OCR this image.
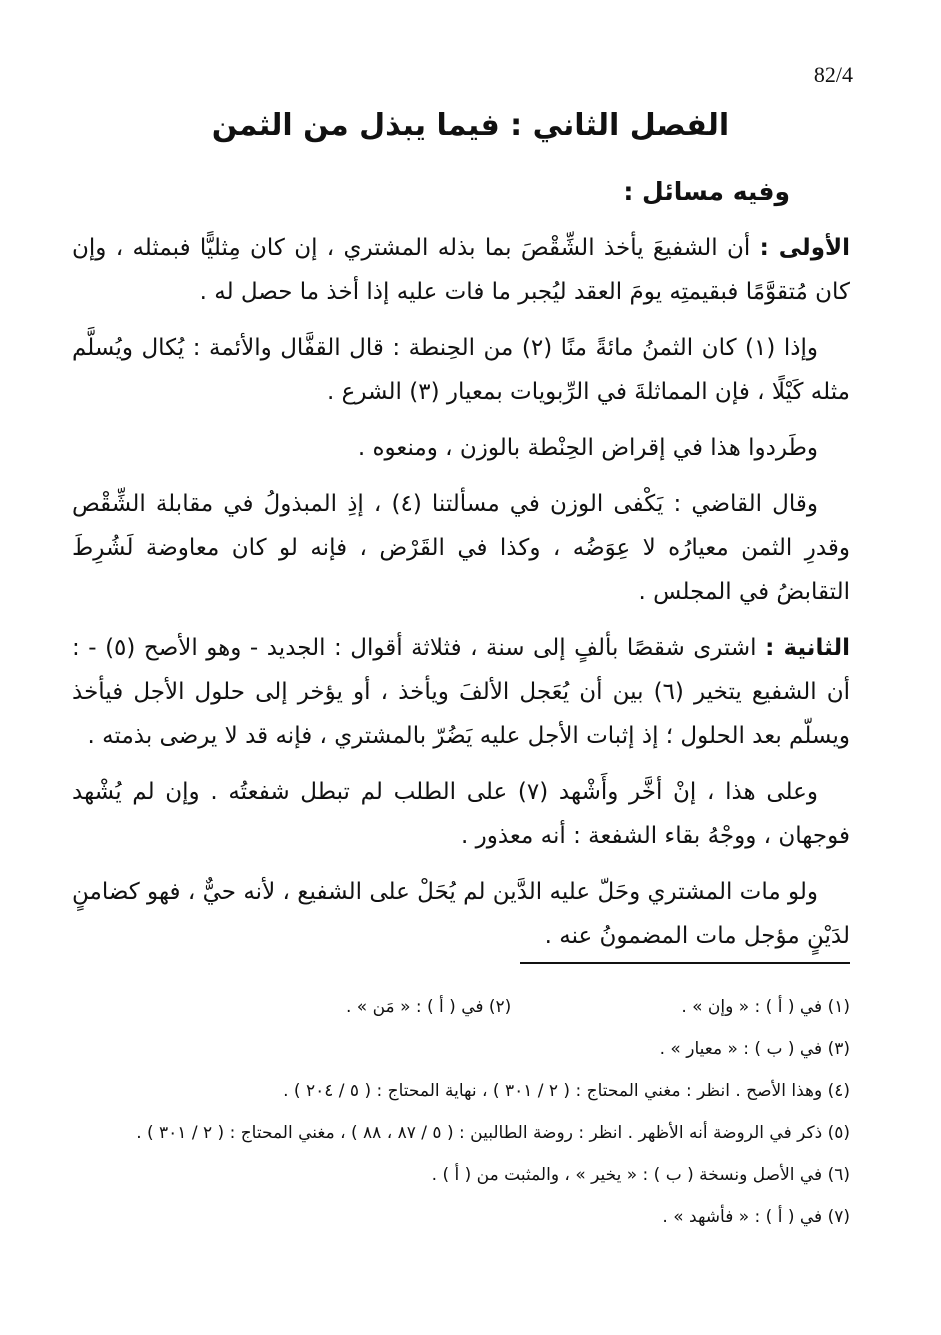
82/4
الفصل الثاني : فيما يبذل من الثمن
وفيه مسائل :

الأولى : أن الشفيعَ يأخذ الشِّقْصَ بما بذله المشتري ، إن كان مِثليًّا فبمثله ، وإن كان مُتقوَّمًا فبقيمتِه يومَ العقد ليُجبر ما فات عليه إذا أخذ ما حصل له .

وإذا (١) كان الثمنُ مائةً منًا (٢) من الحِنطة : قال القفَّال والأئمة : يُكال ويُسلَّم مثله كَيْلًا ، فإن المماثلةَ في الرِّبويات بمعيار (٣) الشرع .

وطَردوا هذا في إقراض الحِنْطة بالوزن ، ومنعوه .

وقال القاضي : يَكْفى الوزن في مسألتنا (٤) ، إذِ المبذولُ في مقابلة الشِّقْص وقدرِ الثمن معيارُه لا عِوَضُه ، وكذا في القَرْض ، فإنه لو كان معاوضة لَشُرِطَ التقابضُ في المجلس .

الثانية : اشترى شقصًا بألفٍ إلى سنة ، فثلاثة أقوال : الجديد - وهو الأصح (٥) - : أن الشفيع يتخير (٦) بين أن يُعَجل الألفَ ويأخذ ، أو يؤخر إلى حلول الأجل فيأخذ ويسلّم بعد الحلول ؛ إذ إثبات الأجل عليه يَضُرّ بالمشتري ، فإنه قد لا يرضى بذمته .

وعلى هذا ، إنْ أخَّر وأَشْهد (٧) على الطلب لم تبطل شفعتُه . وإن لم يُشْهد فوجهان ، ووجْهُ بقاء الشفعة : أنه معذور .

ولو مات المشتري وحَلّ عليه الدَّين لم يُحَلْ على الشفيع ، لأنه حيٌّ ، فهو كضامنٍ لدَيْنٍ مؤجل مات المضمونُ عنه .

(١) في ( أ ) : « وإن » .
(٢) في ( أ ) : « مَن » .
(٣) في ( ب ) : « معيار » .
(٤) وهذا الأصح . انظر : مغني المحتاج : ( ٢ / ٣٠١ ) ، نهاية المحتاج : ( ٥ / ٢٠٤ ) .
(٥) ذكر في الروضة أنه الأظهر . انظر : روضة الطالبين : ( ٥ / ٨٧ ، ٨٨ ) ، مغني المحتاج : ( ٢ / ٣٠١ ) .
(٦) في الأصل ونسخة ( ب ) : « يخير » ، والمثبت من ( أ ) .
(٧) في ( أ ) : « فأشهد » .
